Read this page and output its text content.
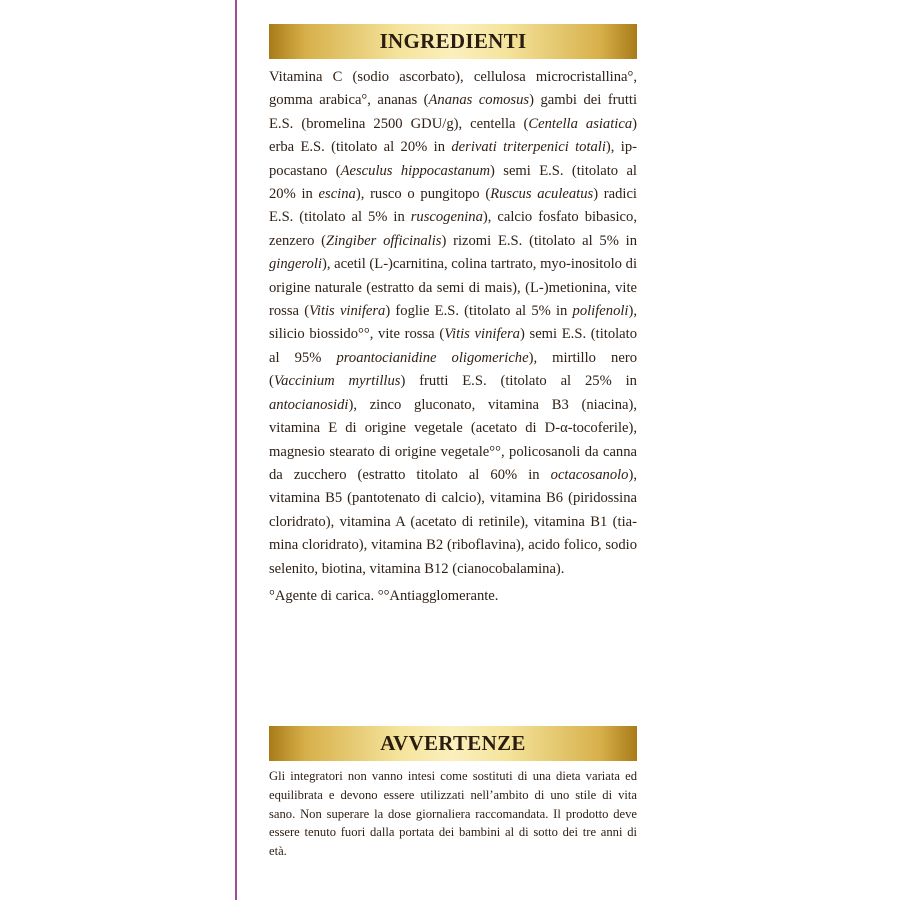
INGREDIENTI

Vitamina C (sodio ascorbato), cellulosa microcristallina°, gomma arabica°, ananas (Ananas comosus) gambi dei frutti E.S. (bromelina 2500 GDU/g), centella (Centella asiatica) erba E.S. (titolato al 20% in derivati triterpenici totali), ippocastano (Aesculus hippocastanum) semi E.S. (titolato al 20% in escina), rusco o pungitopo (Ruscus aculeatus) radici E.S. (titolato al 5% in ruscogenina), calcio fosfato bibasico, zenzero (Zingiber officinalis) rizomi E.S. (titolato al 5% in gingeroli), acetil (L-)carnitina, colina tartrato, myo-inositolo di origine naturale (estratto da semi di mais), (L-)metionina, vite rossa (Vitis vinifera) foglie E.S. (titolato al 5% in polifenoli), silicio biossido°°, vite rossa (Vitis vinifera) semi E.S. (titolato al 95% proantocianidine oligomeriche), mirtillo nero (Vaccinium myrtillus) frutti E.S. (titolato al 25% in antocianosidi), zinco gluconato, vitamina B3 (niacina), vitamina E di origine vegetale (acetato di D-α-tocoferile), magnesio stearato di origine vegetale°°, policosanoli da canna da zucchero (estratto titolato al 60% in octacosanolo), vitamina B5 (pantotenato di calcio), vitamina B6 (piridossina cloridrato), vitamina A (acetato di retinile), vitamina B1 (tiamina cloridrato), vitamina B2 (riboflavina), acido folico, sodio selenito, biotina, vitamina B12 (cianocobalamina).

°Agente di carica. °°Antiagglomerante.

AVVERTENZE

Gli integratori non vanno intesi come sostituti di una dieta variata ed equilibrata e devono essere utilizzati nell’ambito di uno stile di vita sano. Non superare la dose giornaliera raccomandata. Il prodotto deve essere tenuto fuori dalla portata dei bambini al di sotto dei tre anni di età.
